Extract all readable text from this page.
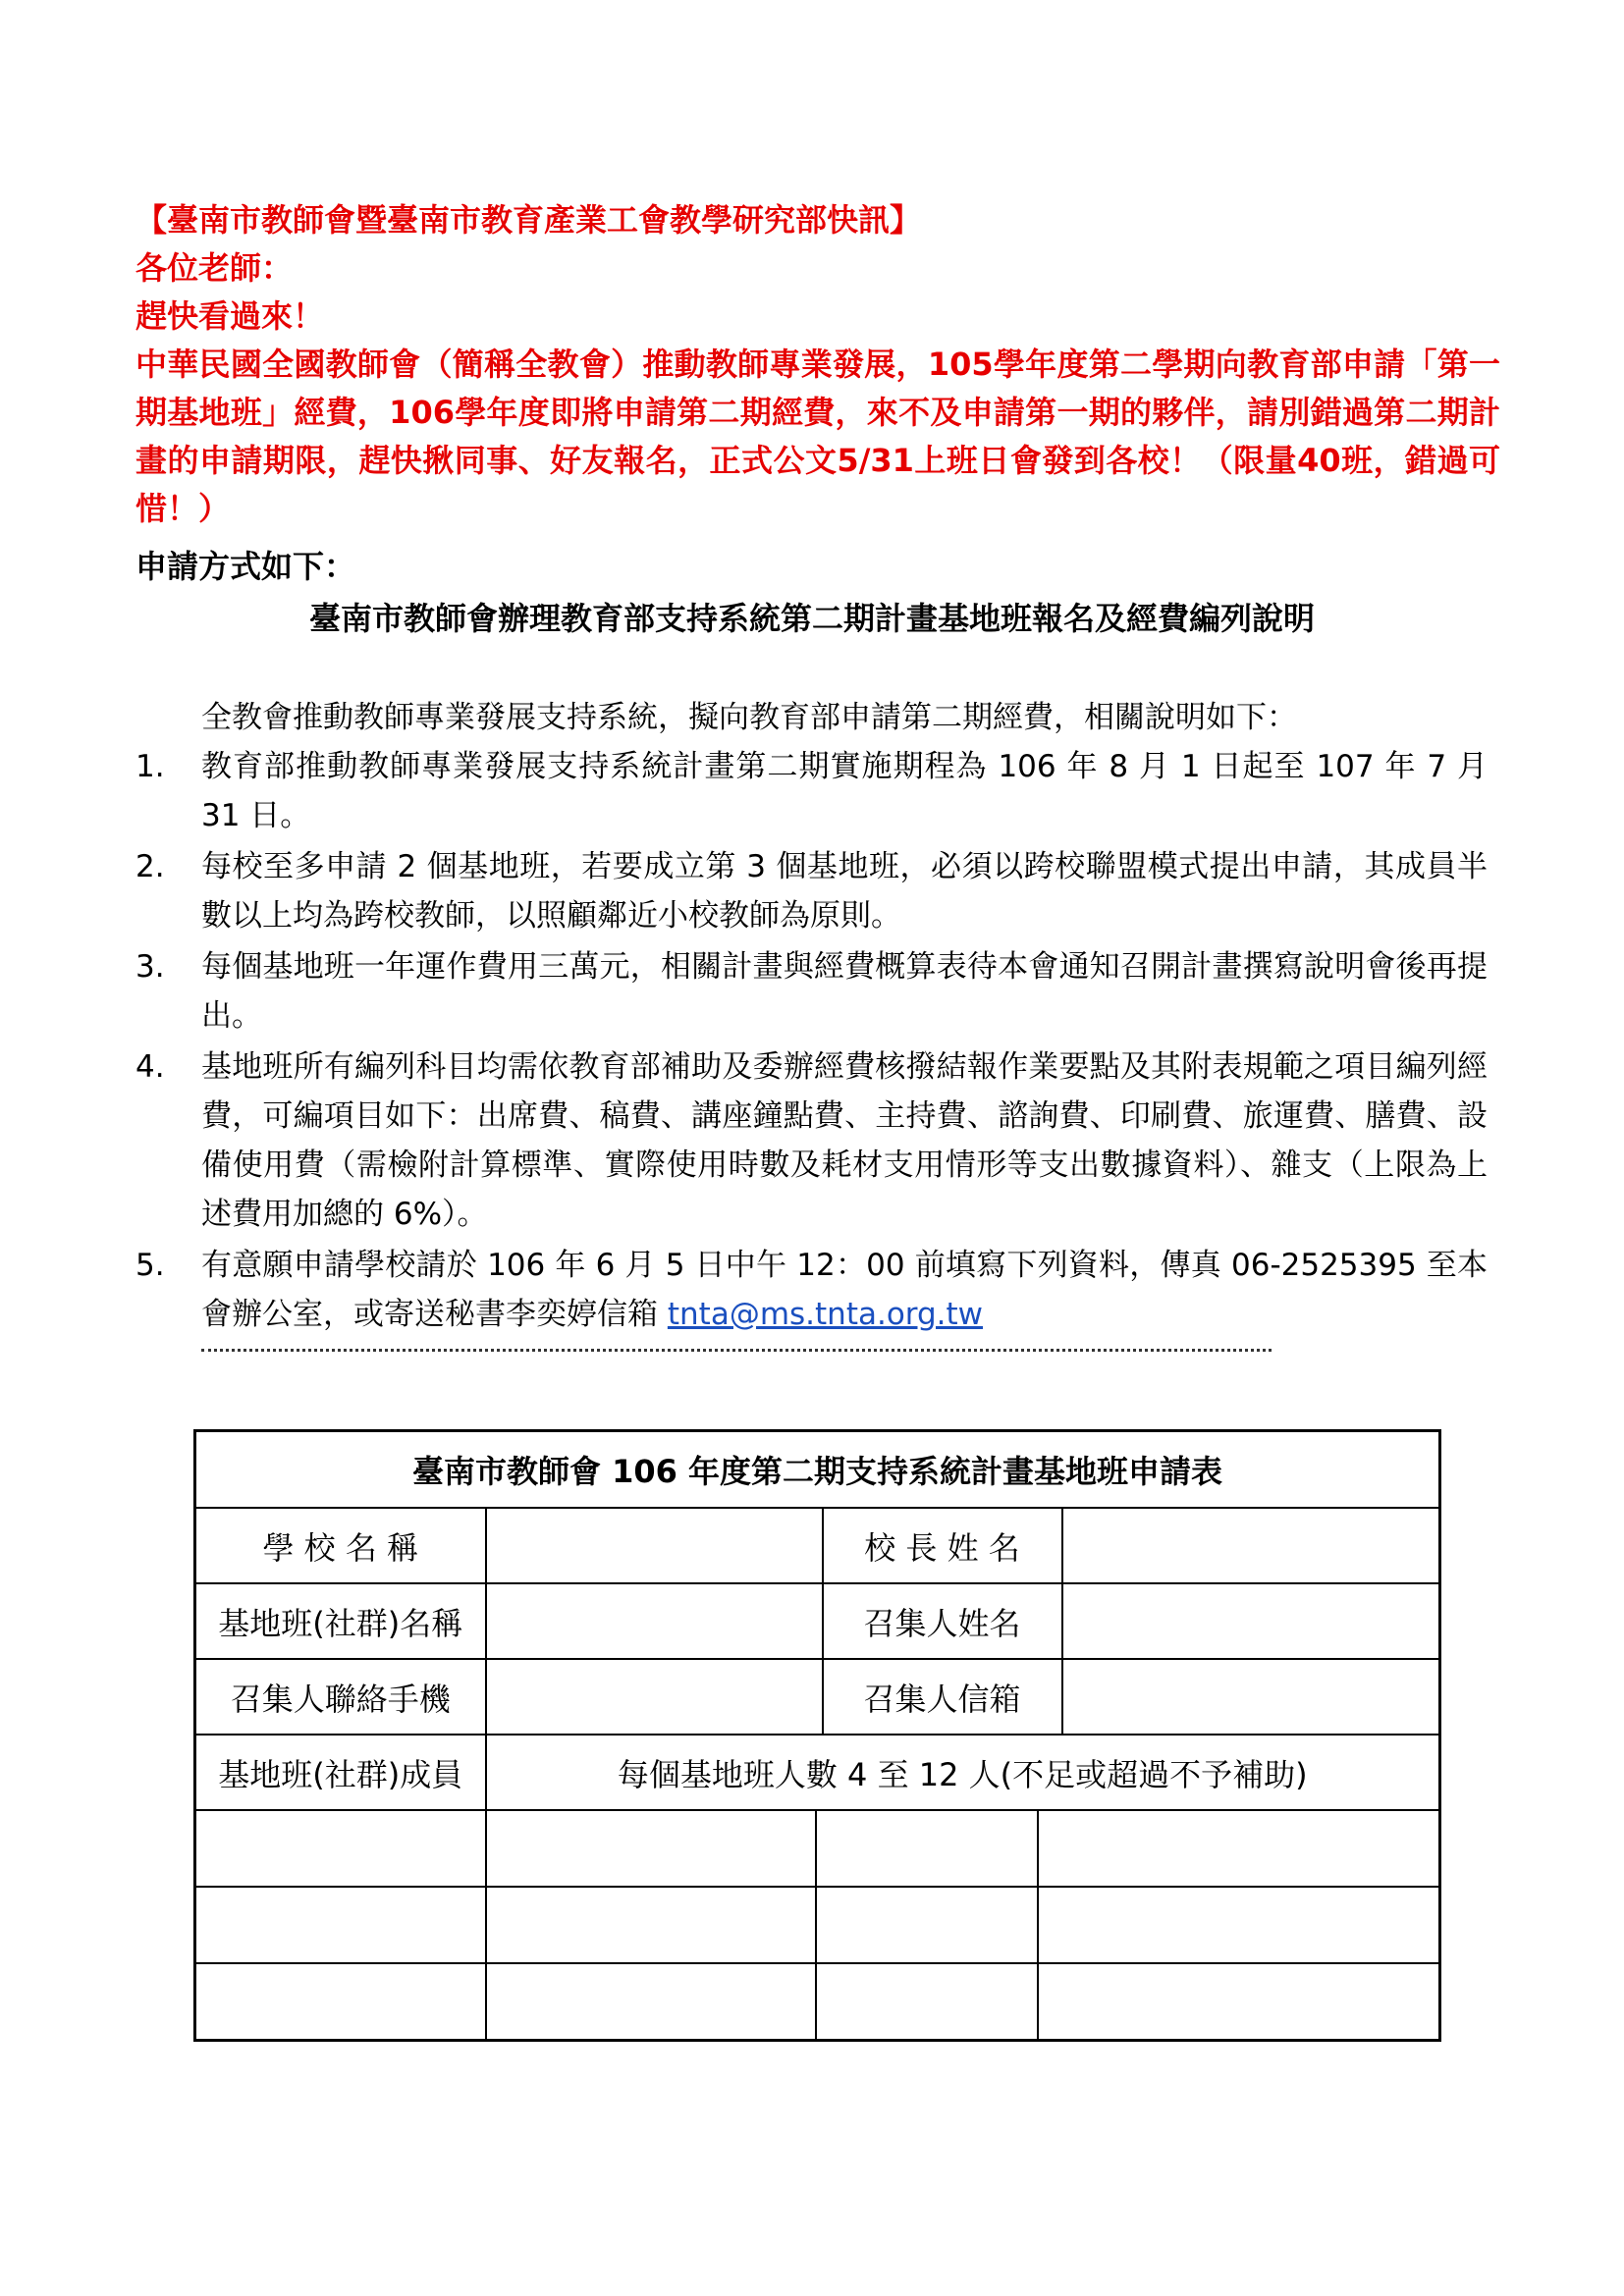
【臺南市教師會暨臺南市教育產業工會教學研究部快訊】
各位老師：
趕快看過來！
中華民國全國教師會（簡稱全教會）推動教師專業發展，105學年度第二學期向教育部申請「第一期基地班」經費，106學年度即將申請第二期經費，來不及申請第一期的夥伴，請別錯過第二期計畫的申請期限，趕快揪同事、好友報名，正式公文5/31上班日會發到各校！（限量40班，錯過可惜！）
申請方式如下：
臺南市教師會辦理教育部支持系統第二期計畫基地班報名及經費編列說明
全教會推動教師專業發展支持系統，擬向教育部申請第二期經費，相關說明如下：
1.	教育部推動教師專業發展支持系統計畫第二期實施期程為 106 年 8 月 1 日起至 107 年 7 月 31 日。
2.	每校至多申請 2 個基地班，若要成立第 3 個基地班，必須以跨校聯盟模式提出申請，其成員半數以上均為跨校教師，以照顧鄰近小校教師為原則。
3.	每個基地班一年運作費用三萬元，相關計畫與經費概算表待本會通知召開計畫撰寫說明會後再提出。
4.	基地班所有編列科目均需依教育部補助及委辦經費核撥結報作業要點及其附表規範之項目編列經費，可編項目如下：出席費、稿費、講座鐘點費、主持費、諮詢費、印刷費、旅運費、膳費、設備使用費（需檢附計算標準、實際使用時數及耗材支用情形等支出數據資料）、雜支（上限為上述費用加總的 6%）。
5.	有意願申請學校請於 106 年 6 月 5 日中午 12：00 前填寫下列資料，傳真 06-2525395 至本會辦公室，或寄送秘書李奕婷信箱 tnta@ms.tnta.org.tw
臺南市教師會 106 年度第二期支持系統計畫基地班申請表					
學 校 名 稱			校 長 姓 名		
基地班(社群)名稱			召集人姓名		
召集人聯絡手機			召集人信箱		
基地班(社群)成員	每個基地班人數 4 至 12 人(不足或超過不予補助)				
